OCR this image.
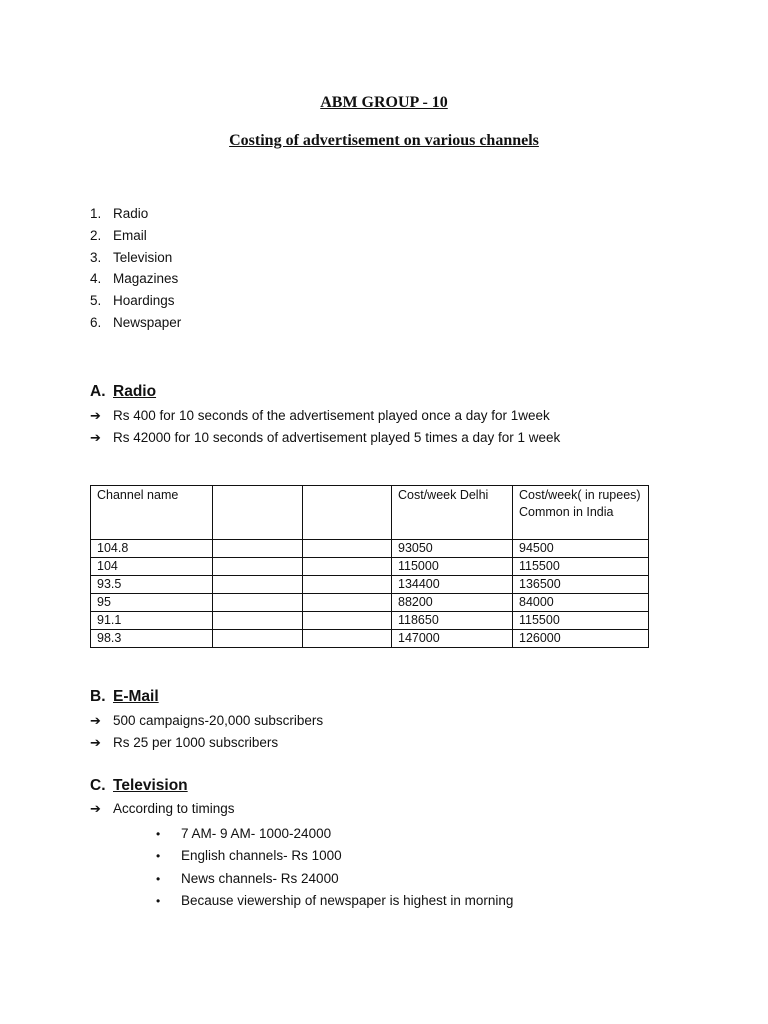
ABM GROUP - 10
Costing of advertisement on various channels
1. Radio
2. Email
3. Television
4. Magazines
5. Hoardings
6. Newspaper
A. Radio
➔ Rs 400 for 10 seconds of the advertisement played once a day for 1week
➔ Rs 42000 for 10 seconds of advertisement played 5 times a day for 1 week
Channel name			Cost/week Delhi	Cost/week( in rupees) Common in India
104.8			93050	94500
104			115000	115500
93.5			134400	136500
95			88200	84000
91.1			118650	115500
98.3			147000	126000
B. E-Mail
➔ 500 campaigns-20,000 subscribers
➔ Rs 25 per 1000 subscribers
C. Television
➔ According to timings
• 7 AM- 9 AM- 1000-24000
• English channels- Rs 1000
• News channels- Rs 24000
• Because viewership of newspaper is highest in morning
